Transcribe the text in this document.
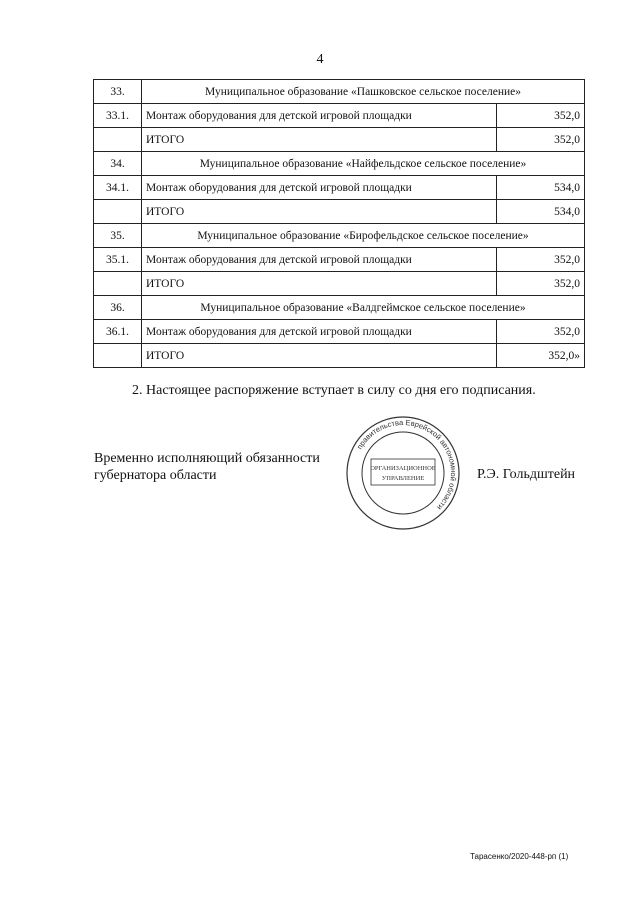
4
33.	Муниципальное образование «Пашковское сельское поселение»	
33.1.	Монтаж оборудования для детской игровой площадки	352,0
	ИТОГО	352,0
34.	Муниципальное образование «Найфельдское сельское поселение»	
34.1.	Монтаж оборудования для детской игровой площадки	534,0
	ИТОГО	534,0
35.	Муниципальное образование «Бирофельдское сельское поселение»	
35.1.	Монтаж оборудования для детской игровой площадки	352,0
	ИТОГО	352,0
36.	Муниципальное образование «Валдгеймское сельское поселение»	
36.1.	Монтаж оборудования для детской игровой площадки	352,0
	ИТОГО	352,0»
2. Настоящее распоряжение вступает в силу со дня его подписания.
Временно исполняющий обязанности
губернатора области
правительства Еврейской автономной области
ОРГАНИЗАЦИОННОЕ
УПРАВЛЕНИЕ	Р.Э. Гольдштейн
Тарасенко/2020-448-рп (1)
